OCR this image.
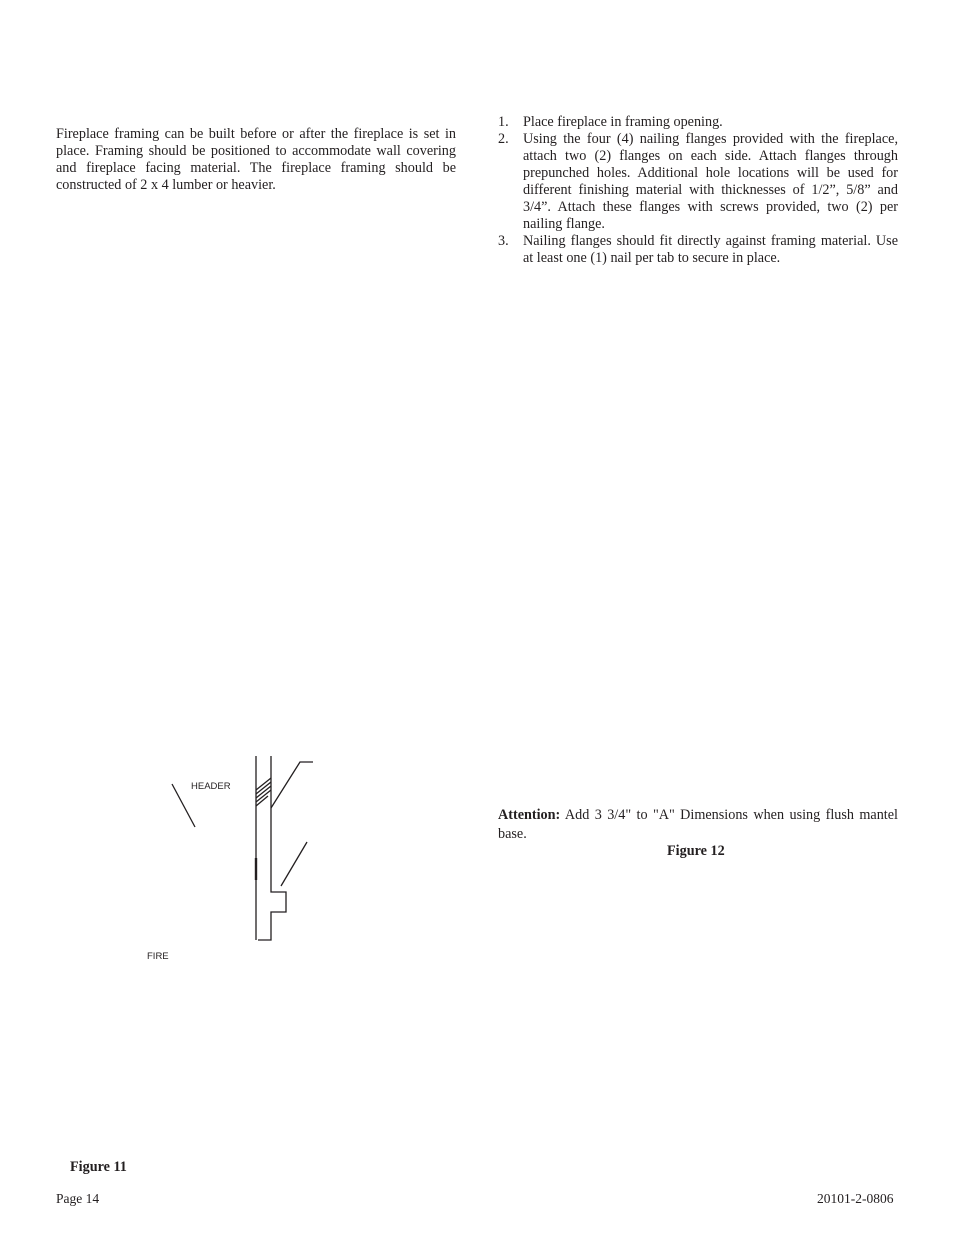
Fireplace framing can be built before or after the fireplace is set in place. Framing should be positioned to accommodate wall covering and fireplace facing material. The fireplace framing should be constructed of 2 x 4 lumber or heavier.
1. Place fireplace in framing opening.
2. Using the four (4) nailing flanges provided with the fireplace, attach two (2) flanges on each side. Attach flanges through prepunched holes. Additional hole locations will be used for different finishing material with thicknesses of 1/2”, 5/8” and 3/4”. Attach these flanges with screws provided, two (2) per nailing flange.
3. Nailing flanges should fit directly against framing material. Use at least one (1) nail per tab to secure in place.
Attention: Add 3 3/4" to "A" Dimensions when using flush mantel base.
Figure 12
HEADER
FIRE
Figure 11
Page 14	20101-2-0806
